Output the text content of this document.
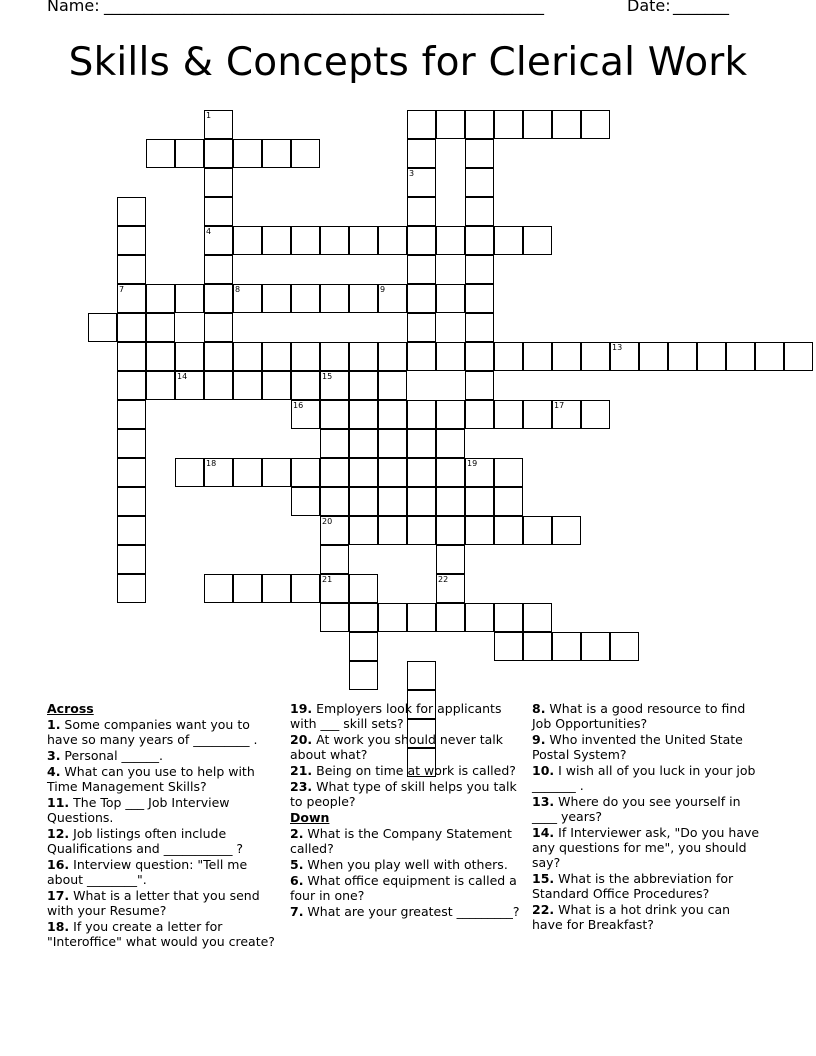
Name: _______________________________________________________	Date: _______
Skills & Concepts for Clerical Work
1
4
3
14	15
7	8	9
16	17
20
21	22
13
18	19
Across
1. Some companies want you to have so many years of _________ .
3. Personal ______.
4. What can you use to help with Time Management Skills?
11. The Top ___ Job Interview Questions.
12. Job listings often include Qualifications and ___________ ?
16. Interview question: "Tell me about ________".
17. What is a letter that you send with your Resume?
18. If you create a letter for "Interoffice" what would you create?
19. Employers look for applicants with ___ skill sets?
20. At work you should never talk about what?
21. Being on time at work is called?
23. What type of skill helps you talk to people?
Down
2. What is the Company Statement called?
5. When you play well with others.
6. What office equipment is called a four in one?
7. What are your greatest _________?
8. What is a good resource to find Job Opportunities?
9. Who invented the United State Postal System?
10. I wish all of you luck in your job _______ .
13. Where do you see yourself in ____ years?
14. If Interviewer ask, "Do you have any questions for me", you should say?
15. What is the abbreviation for Standard Office Procedures?
22. What is a hot drink you can have for Breakfast?
